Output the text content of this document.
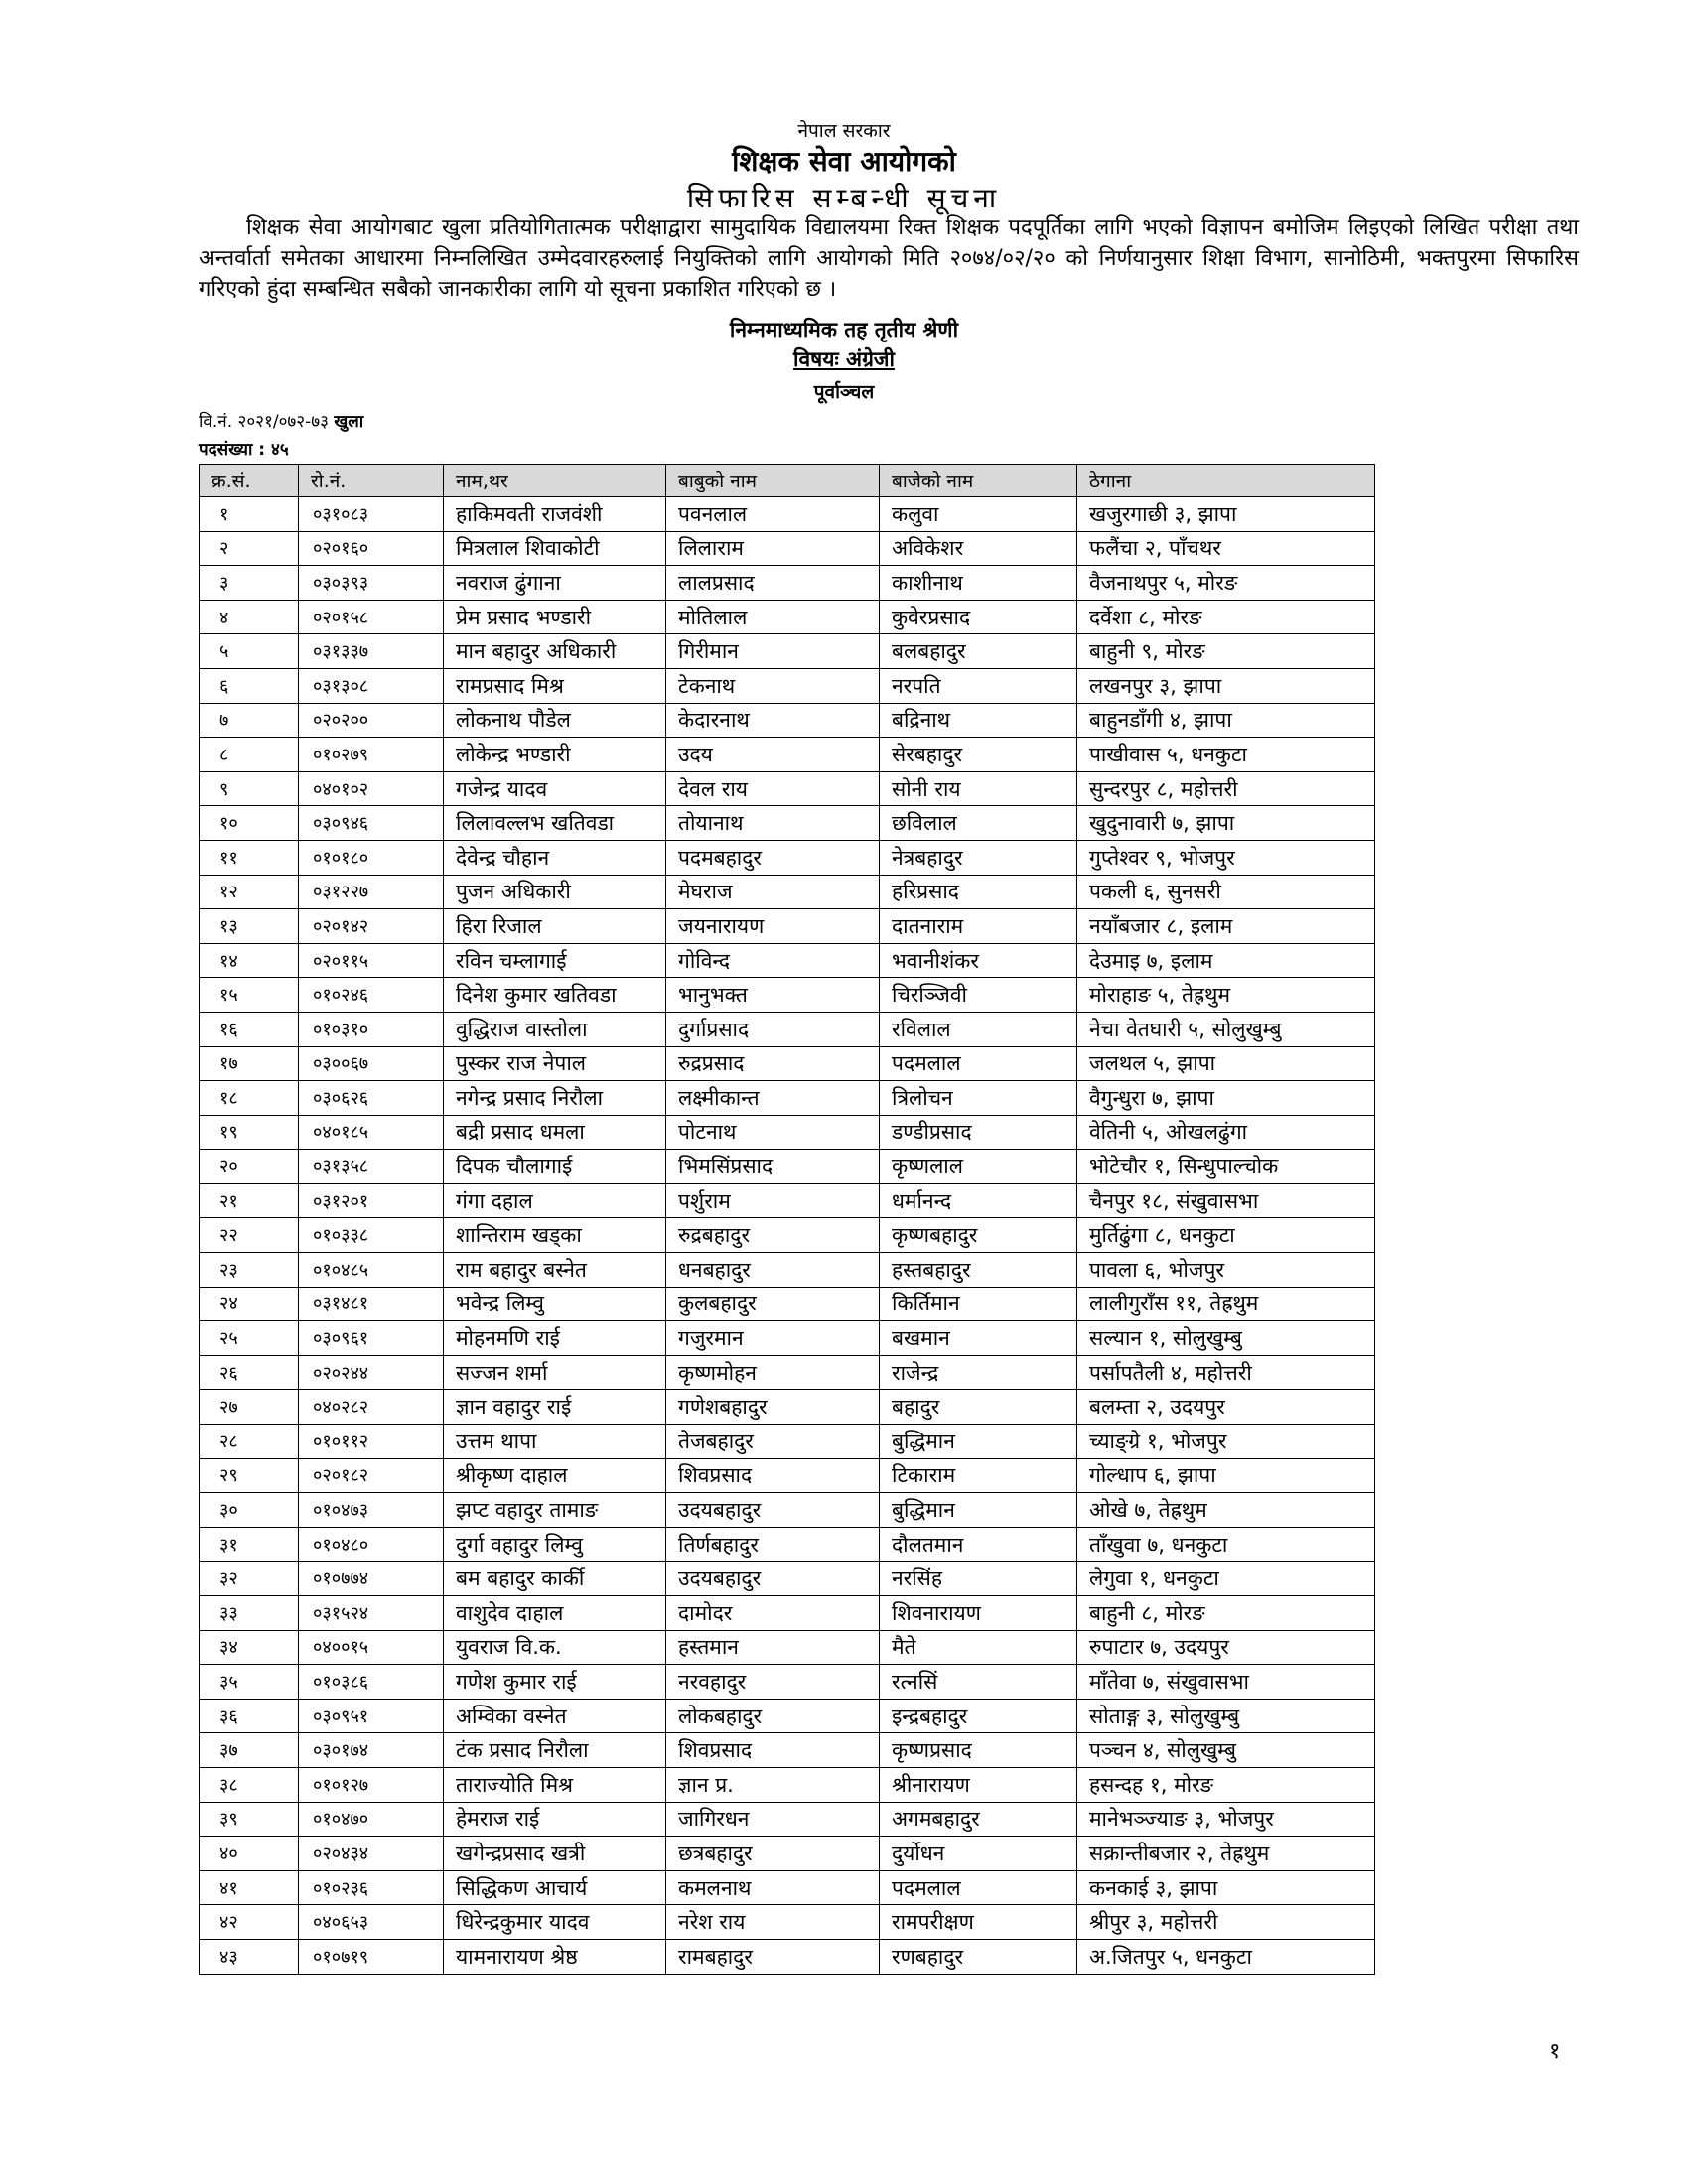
नेपाल सरकार
शिक्षक सेवा आयोगको
सिफारिस सम्बन्धी सूचना
शिक्षक सेवा आयोगबाट खुला प्रतियोगितात्मक परीक्षाद्वारा सामुदायिक विद्यालयमा रिक्त शिक्षक पदपूर्तिका लागि भएको विज्ञापन बमोजिम लिइएको लिखित परीक्षा तथा अन्तर्वार्ता समेतका आधारमा निम्नलिखित उम्मेदवारहरुलाई नियुक्तिको लागि आयोगको मिति २०७४/०२/२० को निर्णयानुसार शिक्षा विभाग, सानोठिमी, भक्तपुरमा सिफारिस गरिएको हुंदा सम्बन्धित सबैको जानकारीका लागि यो सूचना प्रकाशित गरिएको छ ।
निम्नमाध्यमिक तह तृतीय श्रेणी
विषयः अंग्रेजी
पूर्वाञ्चल
वि.नं. २०२१/०७२-७३ खुला
पदसंख्या : ४५
क्र.सं.	रो.नं.	नाम,थर	बाबुको नाम	बाजेको नाम	ठेगाना
१	०३१०८३	हाकिमवती राजवंशी	पवनलाल	कलुवा	खजुरगाछी ३, झापा
२	०२०१६०	मित्रलाल शिवाकोटी	लिलाराम	अविकेशर	फलैंचा २, पाँचथर
३	०३०३९३	नवराज ढुंगाना	लालप्रसाद	काशीनाथ	वैजनाथपुर ५, मोरङ
४	०२०१५८	प्रेम प्रसाद भण्डारी	मोतिलाल	कुवेरप्रसाद	दर्वेशा ८, मोरङ
५	०३१३३७	मान बहादुर अधिकारी	गिरीमान	बलबहादुर	बाहुनी ९, मोरङ
६	०३१३०८	रामप्रसाद मिश्र	टेकनाथ	नरपति	लखनपुर ३, झापा
७	०२०२००	लोकनाथ पौडेल	केदारनाथ	बद्रिनाथ	बाहुनडाँगी ४, झापा
८	०१०२७९	लोकेन्द्र भण्डारी	उदय	सेरबहादुर	पाखीवास ५, धनकुटा
९	०४०१०२	गजेन्द्र यादव	देवल राय	सोनी राय	सुन्दरपुर ८, महोत्तरी
१०	०३०९४६	लिलावल्लभ खतिवडा	तोयानाथ	छविलाल	खुदुनावारी ७, झापा
११	०१०१८०	देवेन्द्र चौहान	पदमबहादुर	नेत्रबहादुर	गुप्तेश्वर ९, भोजपुर
१२	०३१२२७	पुजन अधिकारी	मेघराज	हरिप्रसाद	पकली ६, सुनसरी
१३	०२०१४२	हिरा रिजाल	जयनारायण	दातनाराम	नयाँबजार ८, इलाम
१४	०२०११५	रविन चम्लागाई	गोविन्द	भवानीशंकर	देउमाइ ७, इलाम
१५	०१०२४६	दिनेश कुमार खतिवडा	भानुभक्त	चिरञ्जिवी	मोराहाङ ५, तेह्रथुम
१६	०१०३१०	वुद्धिराज वास्तोला	दुर्गाप्रसाद	रविलाल	नेचा वेतघारी ५, सोलुखुम्बु
१७	०३००६७	पुस्कर राज नेपाल	रुद्रप्रसाद	पदमलाल	जलथल ५, झापा
१८	०३०६२६	नगेन्द्र प्रसाद निरौला	लक्ष्मीकान्त	त्रिलोचन	वैगुन्धुरा ७, झापा
१९	०४०१८५	बद्री प्रसाद धमला	पोटनाथ	डण्डीप्रसाद	वेतिनी ५, ओखलढुंगा
२०	०३१३५८	दिपक चौलागाई	भिमसिंप्रसाद	कृष्णलाल	भोटेचौर १, सिन्धुपाल्चोक
२१	०३१२०१	गंगा दहाल	पर्शुराम	धर्मानन्द	चैनपुर १८, संखुवासभा
२२	०१०३३८	शान्तिराम खड्का	रुद्रबहादुर	कृष्णबहादुर	मुर्तिढुंगा ८, धनकुटा
२३	०१०४८५	राम बहादुर बस्नेत	धनबहादुर	हस्तबहादुर	पावला ६, भोजपुर
२४	०३१४८१	भवेन्द्र लिम्वु	कुलबहादुर	किर्तिमान	लालीगुराँस ११, तेह्रथुम
२५	०३०९६१	मोहनमणि राई	गजुरमान	बखमान	सल्यान १, सोलुखुम्बु
२६	०२०२४४	सज्जन शर्मा	कृष्णमोहन	राजेन्द्र	पर्सापतैली ४, महोत्तरी
२७	०४०२८२	ज्ञान वहादुर राई	गणेशबहादुर	बहादुर	बलम्ता २, उदयपुर
२८	०१०११२	उत्तम थापा	तेजबहादुर	बुद्धिमान	च्याङ्ग्रे १, भोजपुर
२९	०२०१८२	श्रीकृष्ण दाहाल	शिवप्रसाद	टिकाराम	गोल्धाप ६, झापा
३०	०१०४७३	झप्ट वहादुर तामाङ	उदयबहादुर	बुद्धिमान	ओखे ७, तेह्रथुम
३१	०१०४८०	दुर्गा वहादुर लिम्वु	तिर्णबहादुर	दौलतमान	ताँखुवा ७, धनकुटा
३२	०१०७७४	बम बहादुर कार्की	उदयबहादुर	नरसिंह	लेगुवा १, धनकुटा
३३	०३१५२४	वाशुदेव दाहाल	दामोदर	शिवनारायण	बाहुनी ८, मोरङ
३४	०४००१५	युवराज वि.क.	हस्तमान	मैते	रुपाटार ७, उदयपुर
३५	०१०३८६	गणेश कुमार राई	नरवहादुर	रत्नसिं	माँतेवा ७, संखुवासभा
३६	०३०९५१	अम्विका वस्नेत	लोकबहादुर	इन्द्रबहादुर	सोताङ्ग ३, सोलुखुम्बु
३७	०३०१७४	टंक प्रसाद निरौला	शिवप्रसाद	कृष्णप्रसाद	पञ्चन ४, सोलुखुम्बु
३८	०१०१२७	ताराज्योति मिश्र	ज्ञान प्र.	श्रीनारायण	हसन्दह १, मोरङ
३९	०१०४७०	हेमराज राई	जागिरधन	अगमबहादुर	मानेभञ्ज्याङ ३, भोजपुर
४०	०२०४३४	खगेन्द्रप्रसाद खत्री	छत्रबहादुर	दुर्योधन	सक्रान्तीबजार २, तेह्रथुम
४१	०१०२३६	सिद्धिकण आचार्य	कमलनाथ	पदमलाल	कनकाई ३, झापा
४२	०४०६५३	धिरेन्द्रकुमार यादव	नरेश राय	रामपरीक्षण	श्रीपुर ३, महोत्तरी
४३	०१०७१९	यामनारायण श्रेष्ठ	रामबहादुर	रणबहादुर	अ.जितपुर ५, धनकुटा
१
